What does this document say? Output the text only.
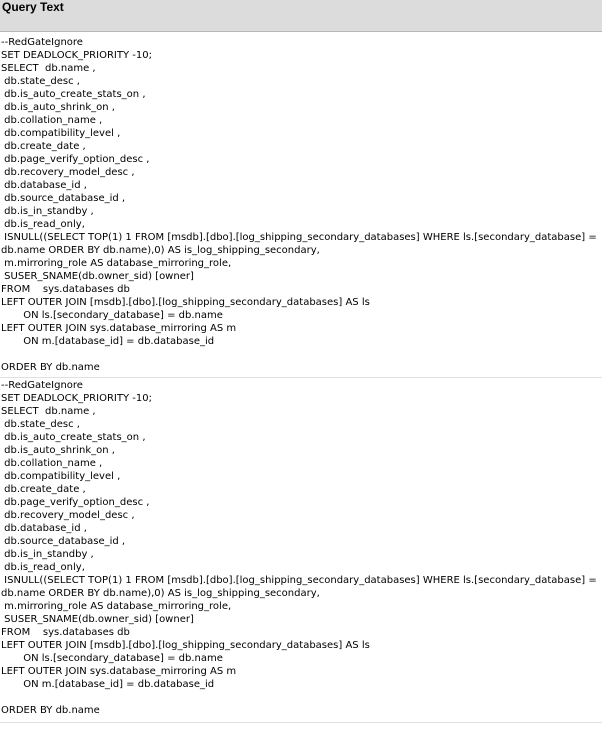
Query Text
--RedGateIgnore
SET DEADLOCK_PRIORITY -10;
SELECT  db.name ,
db.state_desc ,
db.is_auto_create_stats_on ,
db.is_auto_shrink_on ,
db.collation_name ,
db.compatibility_level ,
db.create_date ,
db.page_verify_option_desc ,
db.recovery_model_desc ,
db.database_id ,
db.source_database_id ,
db.is_in_standby ,
db.is_read_only,
ISNULL((SELECT TOP(1) 1 FROM [msdb].[dbo].[log_shipping_secondary_databases] WHERE ls.[secondary_database] =
db.name ORDER BY db.name),0) AS is_log_shipping_secondary,
m.mirroring_role AS database_mirroring_role,
SUSER_SNAME(db.owner_sid) [owner]
FROM    sys.databases db
LEFT OUTER JOIN [msdb].[dbo].[log_shipping_secondary_databases] AS ls
ON ls.[secondary_database] = db.name
LEFT OUTER JOIN sys.database_mirroring AS m
ON m.[database_id] = db.database_id
ORDER BY db.name
--RedGateIgnore
SET DEADLOCK_PRIORITY -10;
SELECT  db.name ,
db.state_desc ,
db.is_auto_create_stats_on ,
db.is_auto_shrink_on ,
db.collation_name ,
db.compatibility_level ,
db.create_date ,
db.page_verify_option_desc ,
db.recovery_model_desc ,
db.database_id ,
db.source_database_id ,
db.is_in_standby ,
db.is_read_only,
ISNULL((SELECT TOP(1) 1 FROM [msdb].[dbo].[log_shipping_secondary_databases] WHERE ls.[secondary_database] =
db.name ORDER BY db.name),0) AS is_log_shipping_secondary,
m.mirroring_role AS database_mirroring_role,
SUSER_SNAME(db.owner_sid) [owner]
FROM    sys.databases db
LEFT OUTER JOIN [msdb].[dbo].[log_shipping_secondary_databases] AS ls
ON ls.[secondary_database] = db.name
LEFT OUTER JOIN sys.database_mirroring AS m
ON m.[database_id] = db.database_id
ORDER BY db.name
